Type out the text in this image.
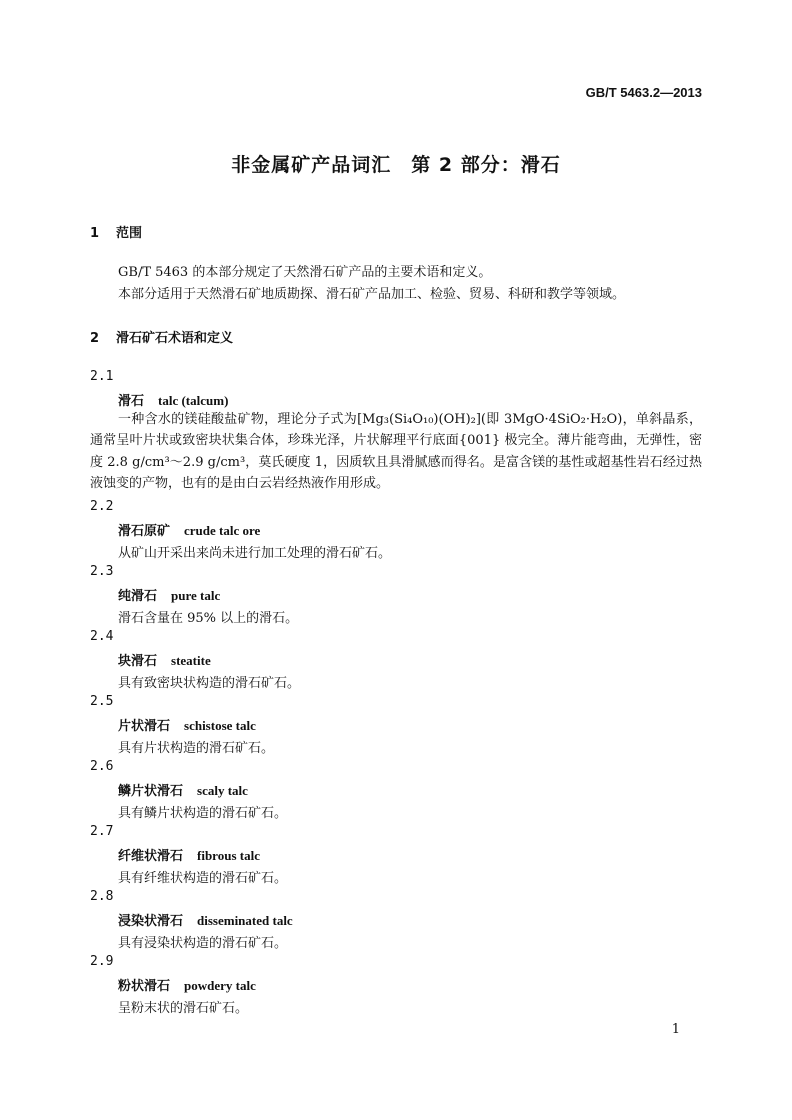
GB/T 5463.2—2013
非金属矿产品词汇　第 2 部分：滑石
1 范围
GB/T 5463 的本部分规定了天然滑石矿产品的主要术语和定义。
本部分适用于天然滑石矿地质勘探、滑石矿产品加工、检验、贸易、科研和教学等领域。
2 滑石矿石术语和定义
2.1
滑石 talc (talcum)
一种含水的镁硅酸盐矿物，理论分子式为[Mg₃(Si₄O₁₀)(OH)₂](即 3MgO·4SiO₂·H₂O)，单斜晶系，通常呈叶片状或致密块状集合体，珍珠光泽，片状解理平行底面{001} 极完全。薄片能弯曲，无弹性，密度 2.8 g/cm³～2.9 g/cm³，莫氏硬度 1，因质软且具滑腻感而得名。是富含镁的基性或超基性岩石经过热液蚀变的产物，也有的是由白云岩经热液作用形成。
2.2
滑石原矿 crude talc ore
从矿山开采出来尚未进行加工处理的滑石矿石。
2.3
纯滑石 pure talc
滑石含量在 95% 以上的滑石。
2.4
块滑石 steatite
具有致密块状构造的滑石矿石。
2.5
片状滑石 schistose talc
具有片状构造的滑石矿石。
2.6
鳞片状滑石 scaly talc
具有鳞片状构造的滑石矿石。
2.7
纤维状滑石 fibrous talc
具有纤维状构造的滑石矿石。
2.8
浸染状滑石 disseminated talc
具有浸染状构造的滑石矿石。
2.9
粉状滑石 powdery talc
呈粉末状的滑石矿石。
1
